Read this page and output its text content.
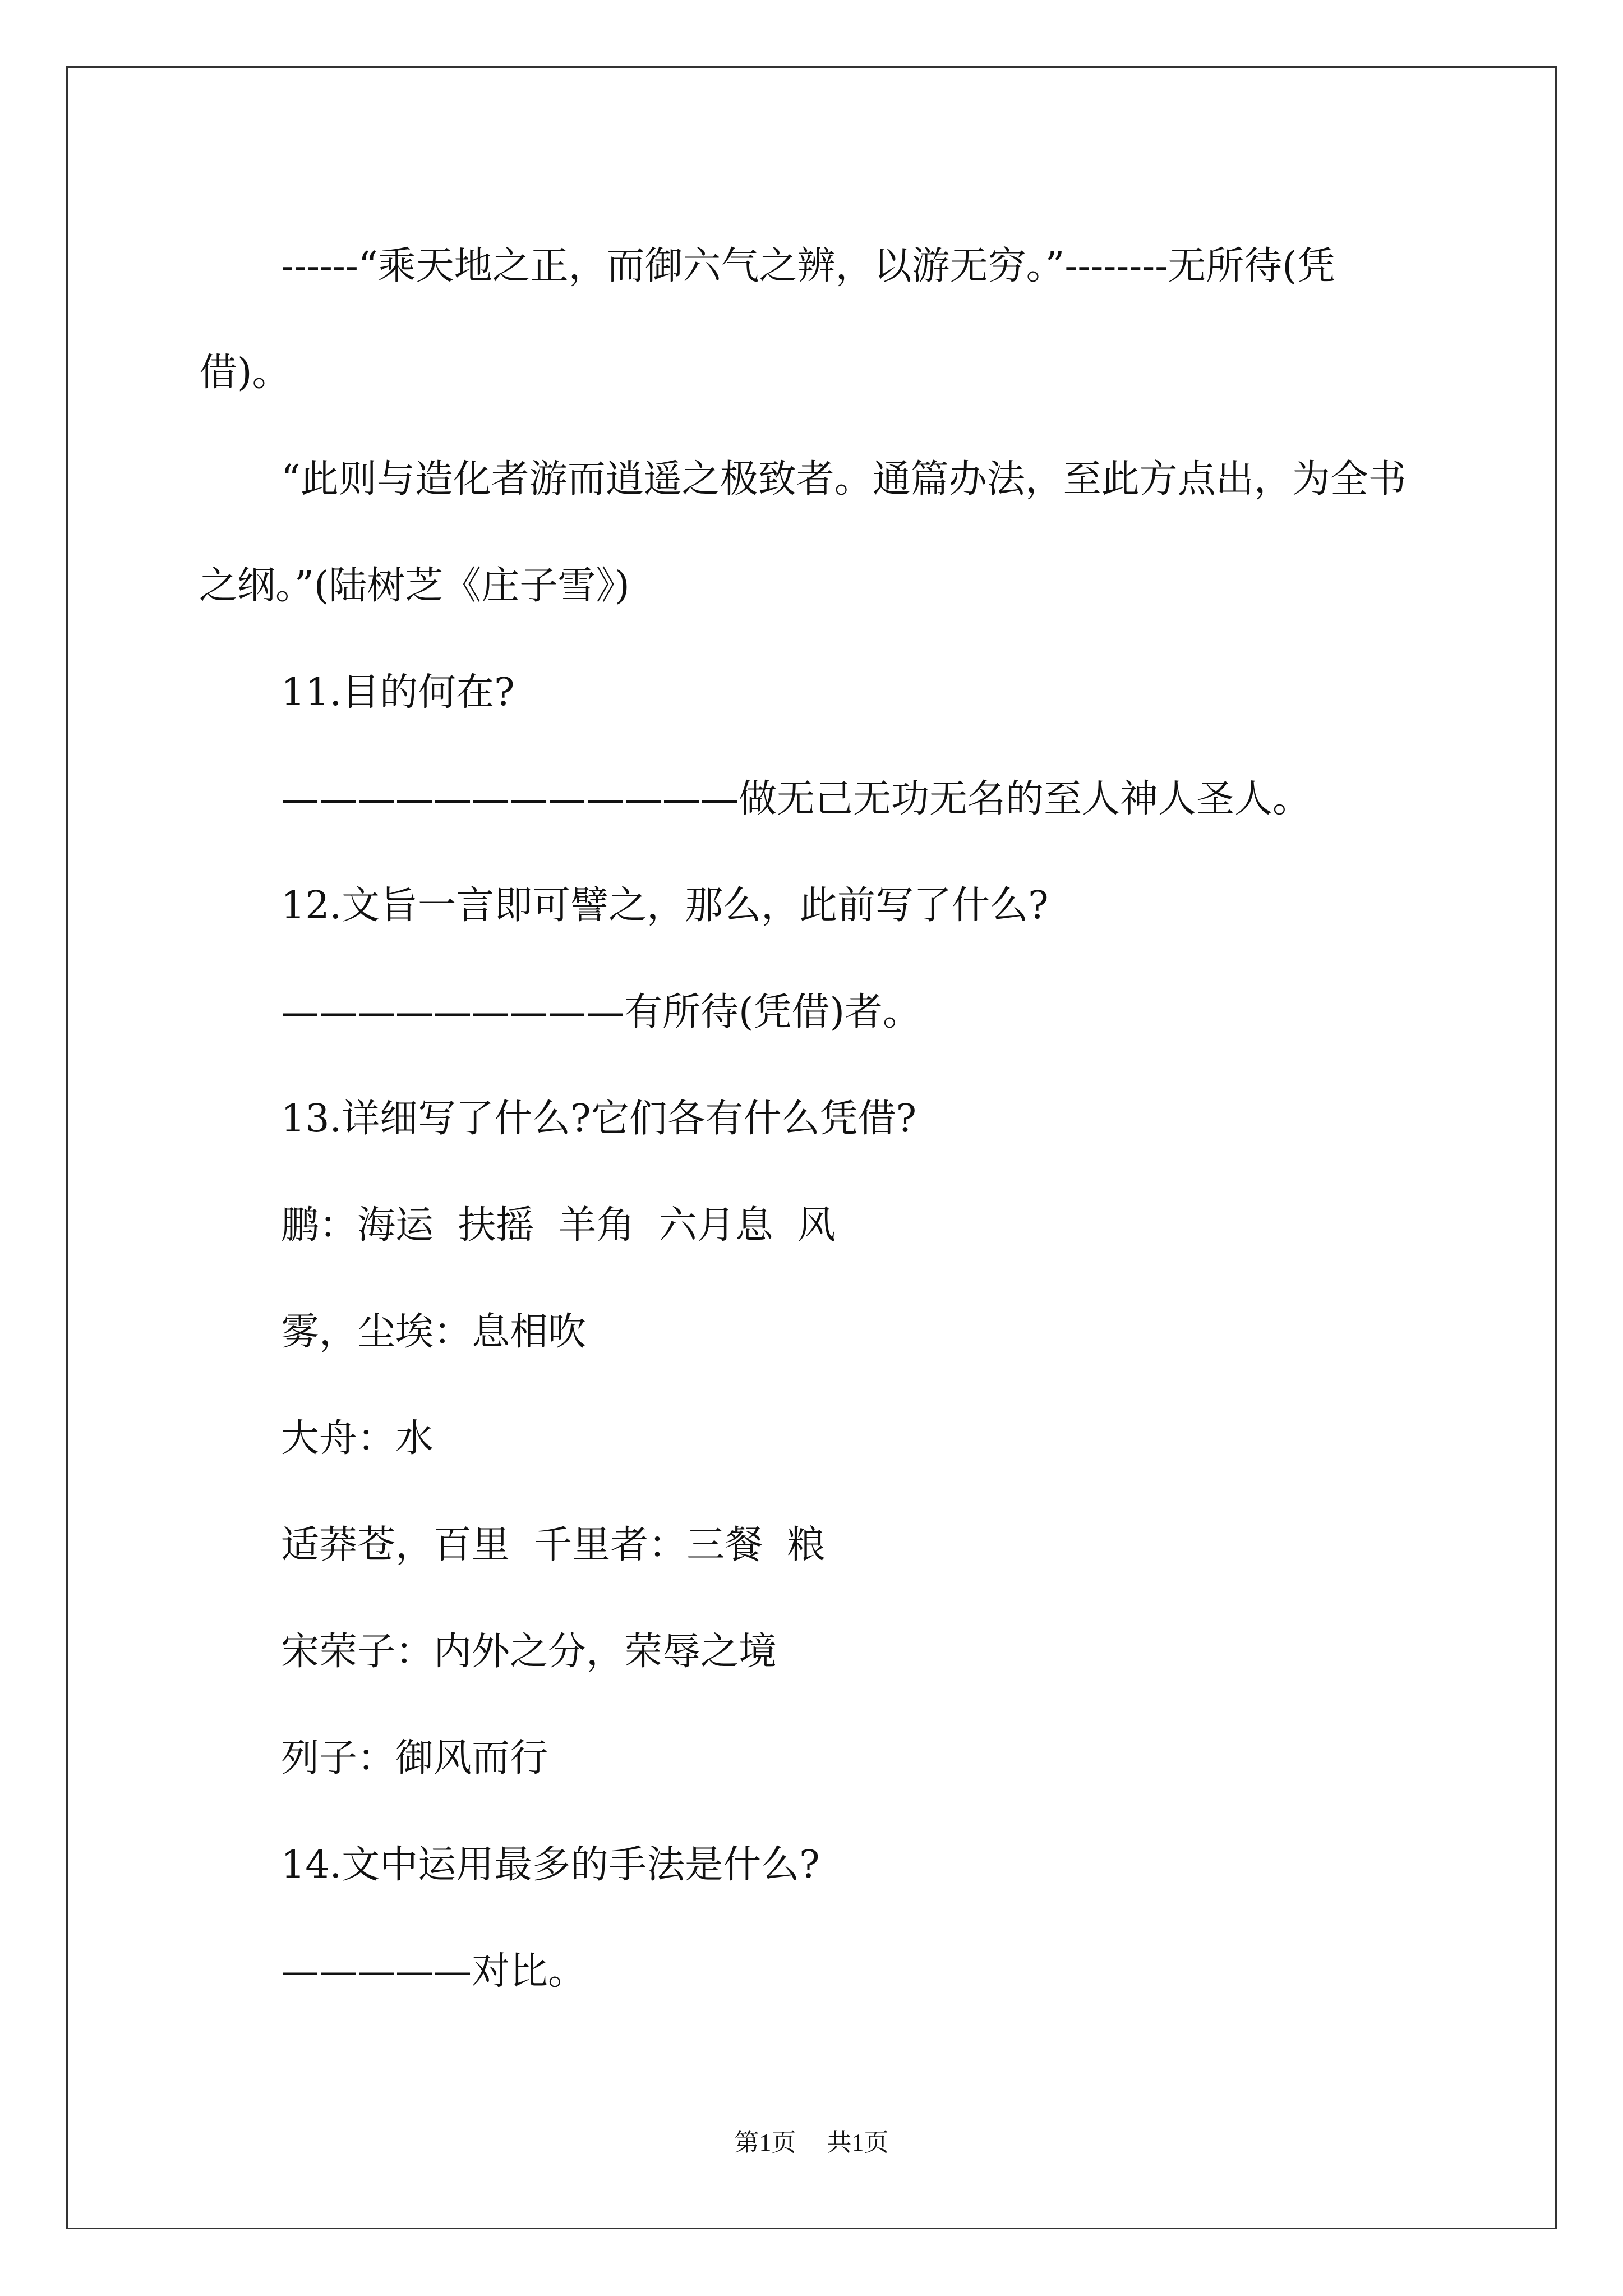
------“乘天地之正，而御六气之辨，以游无穷。”--------无所待(凭借)。

“此则与造化者游而逍遥之极致者。通篇办法，至此方点出，为全书之纲。”(陆树芝《庄子雪》)

11.目的何在?

————————————做无己无功无名的至人神人圣人。

12.文旨一言即可譬之，那么，此前写了什么?

—————————有所待(凭借)者。

13.详细写了什么?它们各有什么凭借?

鹏：海运  扶摇  羊角  六月息  风

雾，尘埃：息相吹

大舟：水

适莽苍，百里  千里者：三餐  粮

宋荣子：内外之分，荣辱之境

列子：御风而行

14.文中运用最多的手法是什么?

—————对比。

第1页 共1页
